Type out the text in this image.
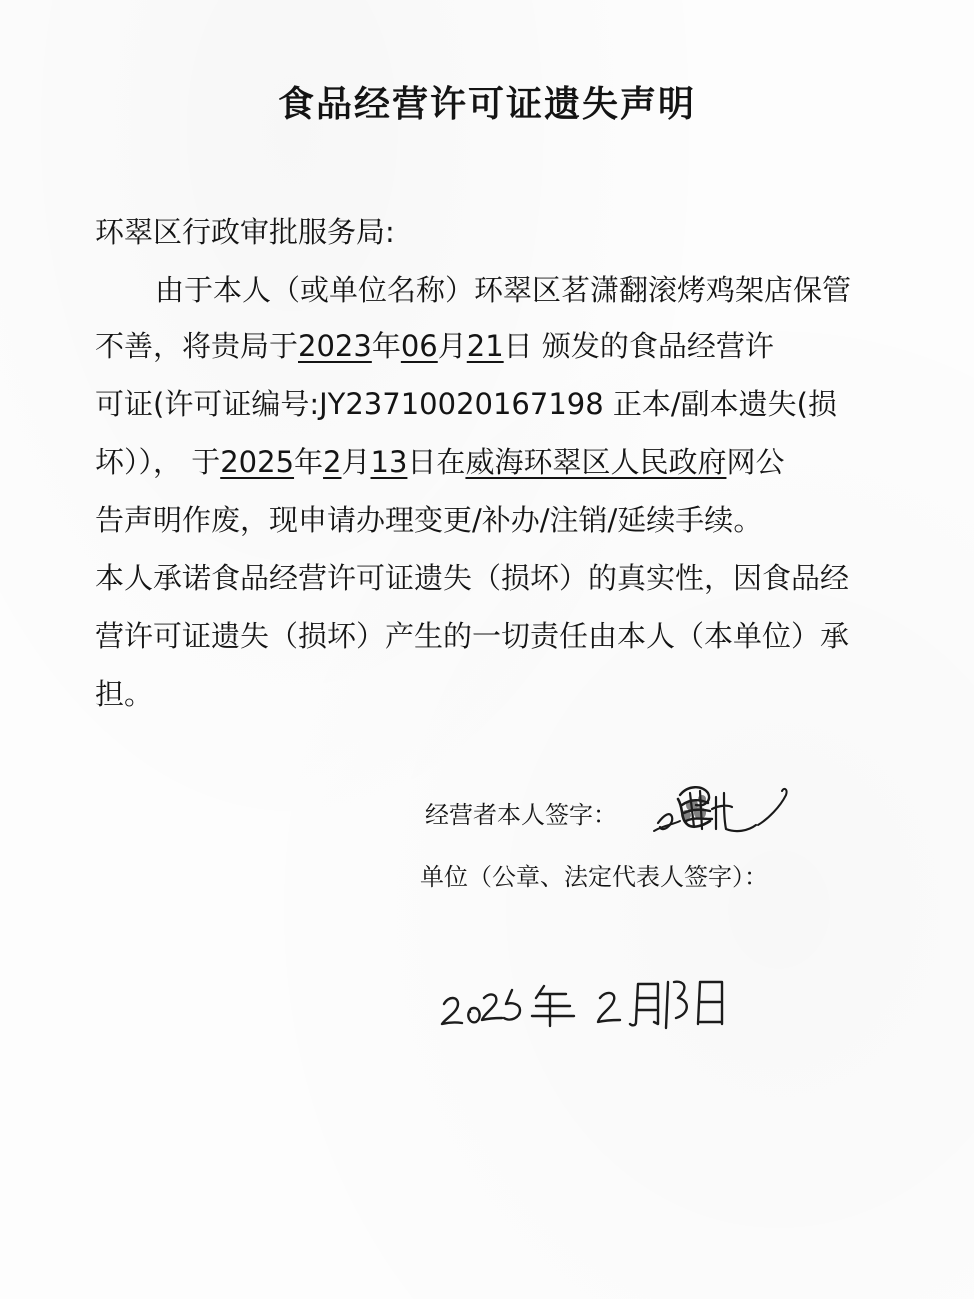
食品经营许可证遗失声明
环翠区行政审批服务局:
由于本人（或单位名称）环翠区茗潇翻滚烤鸡架店保管
不善，将贵局于2023年06月21日 颁发的食品经营许
可证(许可证编号:JY23710020167198 正本/副本遗失(损
坏））， 于2025年2月13日在威海环翠区人民政府网公
告声明作废，现申请办理变更/补办/注销/延续手续。
本人承诺食品经营许可证遗失（损坏）的真实性，因食品经
营许可证遗失（损坏）产生的一切责任由本人（本单位）承
担。
经营者本人签字：
单位（公章、法定代表人签字）：
